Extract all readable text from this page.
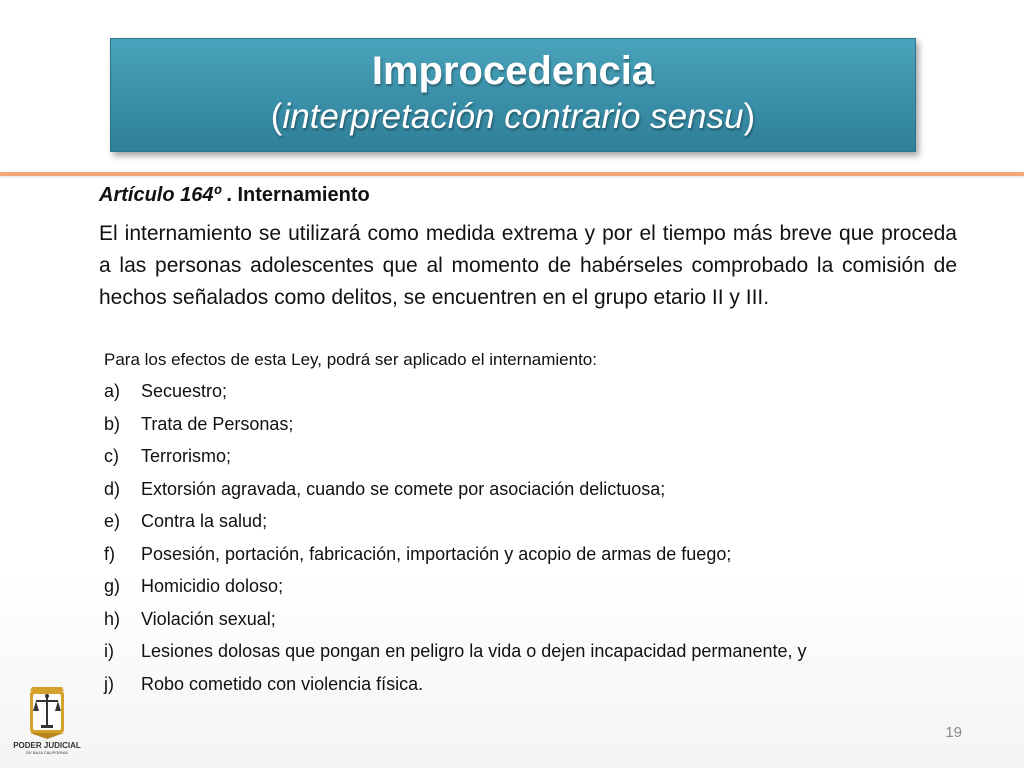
Improcedencia
(interpretación contrario sensu)
Artículo 164º . Internamiento
El internamiento se utilizará como medida extrema y por el tiempo más breve que proceda a las personas adolescentes que al momento de habérseles comprobado la comisión de hechos señalados como delitos, se encuentren en el grupo etario II y III.
Para los efectos de esta Ley, podrá ser aplicado el internamiento:
a) Secuestro;
b) Trata de Personas;
c) Terrorismo;
d) Extorsión agravada, cuando se comete por asociación delictuosa;
e) Contra la salud;
f) Posesión, portación, fabricación, importación y acopio de armas de fuego;
g) Homicidio doloso;
h) Violación sexual;
i) Lesiones dolosas que pongan en peligro la vida o dejen incapacidad permanente, y
j) Robo cometido con violencia física.
PODER JUDICIAL
DE BAJA CALIFORNIA
19
